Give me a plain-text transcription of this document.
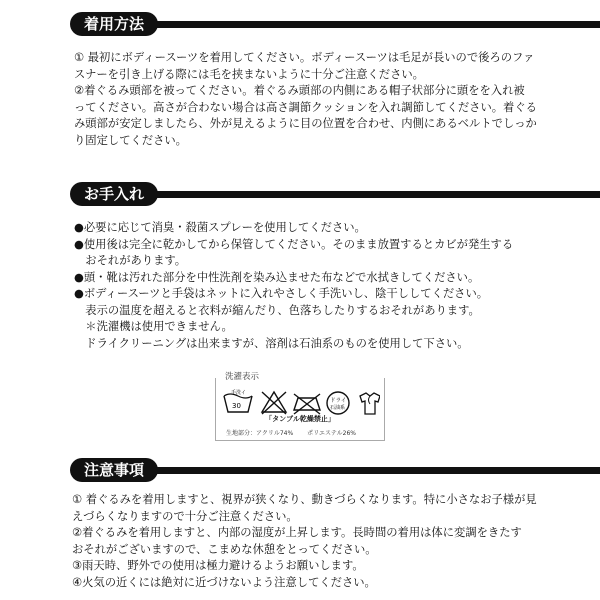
着用方法

① 最初にボディースーツを着用してください。ボディースーツは毛足が長いので後ろのファ

スナーを引き上げる際には毛を挟まないように十分ご注意ください。

②着ぐるみ頭部を被ってください。着ぐるみ頭部の内側にある帽子状部分に頭をを入れ被

ってください。高さが合わない場合は高さ調節クッションを入れ調節してください。着ぐる

み頭部が安定しましたら、外が見えるように目の位置を合わせ、内側にあるベルトでしっか

り固定してください。

お手入れ

●必要に応じて消臭・殺菌スプレーを使用してください。

●使用後は完全に乾かしてから保管してください。そのまま放置するとカビが発生する

　おそれがあります。

●頭・靴は汚れた部分を中性洗剤を染み込ませた布などで水拭きしてください。

●ボディースーツと手袋はネットに入れやさしく手洗いし、陰干ししてください。

　表示の温度を超えると衣料が縮んだり、色落ちしたりするおそれがあります。

　＊洗濯機は使用できません。

　ドライクリーニングは出来ますが、溶剤は石油系のものを使用して下さい。

洗濯表示
手洗イ
30
ドライ
石油系
「タンブル乾燥禁止」
生地部分：アクリル74% ポリエステル26%
注意事項

① 着ぐるみを着用しますと、視界が狭くなり、動きづらくなります。特に小さなお子様が見

えづらくなりますので十分ご注意ください。

②着ぐるみを着用しますと、内部の湿度が上昇します。長時間の着用は体に変調をきたす

おそれがございますので、こまめな休憩をとってください。

③雨天時、野外での使用は極力避けるようお願いします。

④火気の近くには絶対に近づけないよう注意してください。
